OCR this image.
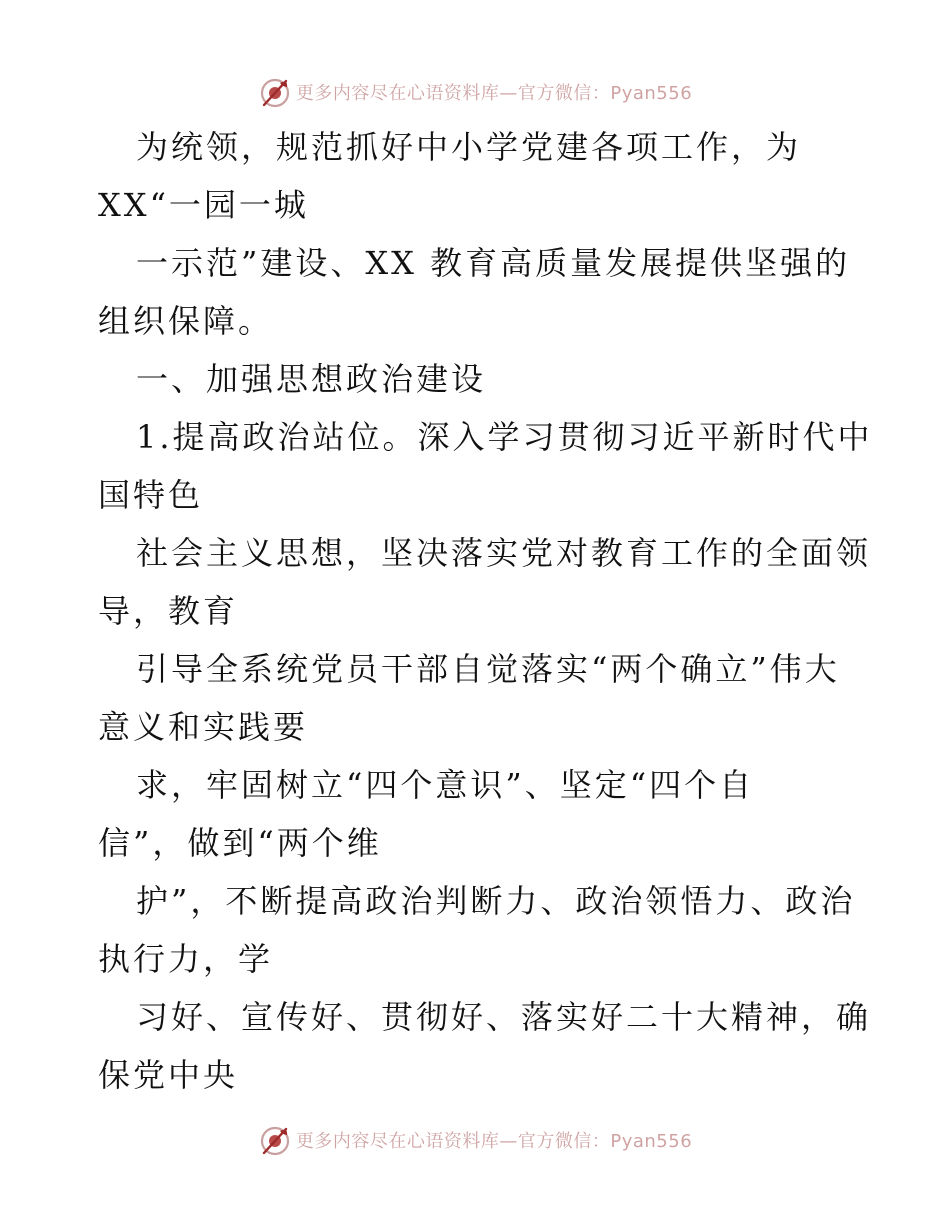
更多内容尽在心语资料库—官方微信：Pyan556
为统领，规范抓好中小学党建各项工作，为
XX“一园一城
一示范”建设、XX 教育高质量发展提供坚强的
组织保障。
一、加强思想政治建设
1.提高政治站位。深入学习贯彻习近平新时代中
国特色
社会主义思想，坚决落实党对教育工作的全面领
导，教育
引导全系统党员干部自觉落实“两个确立”伟大
意义和实践要
求，牢固树立“四个意识”、坚定“四个自
信”，做到“两个维
护”，不断提高政治判断力、政治领悟力、政治
执行力，学
习好、宣传好、贯彻好、落实好二十大精神，确
保党中央
更多内容尽在心语资料库—官方微信：Pyan556
